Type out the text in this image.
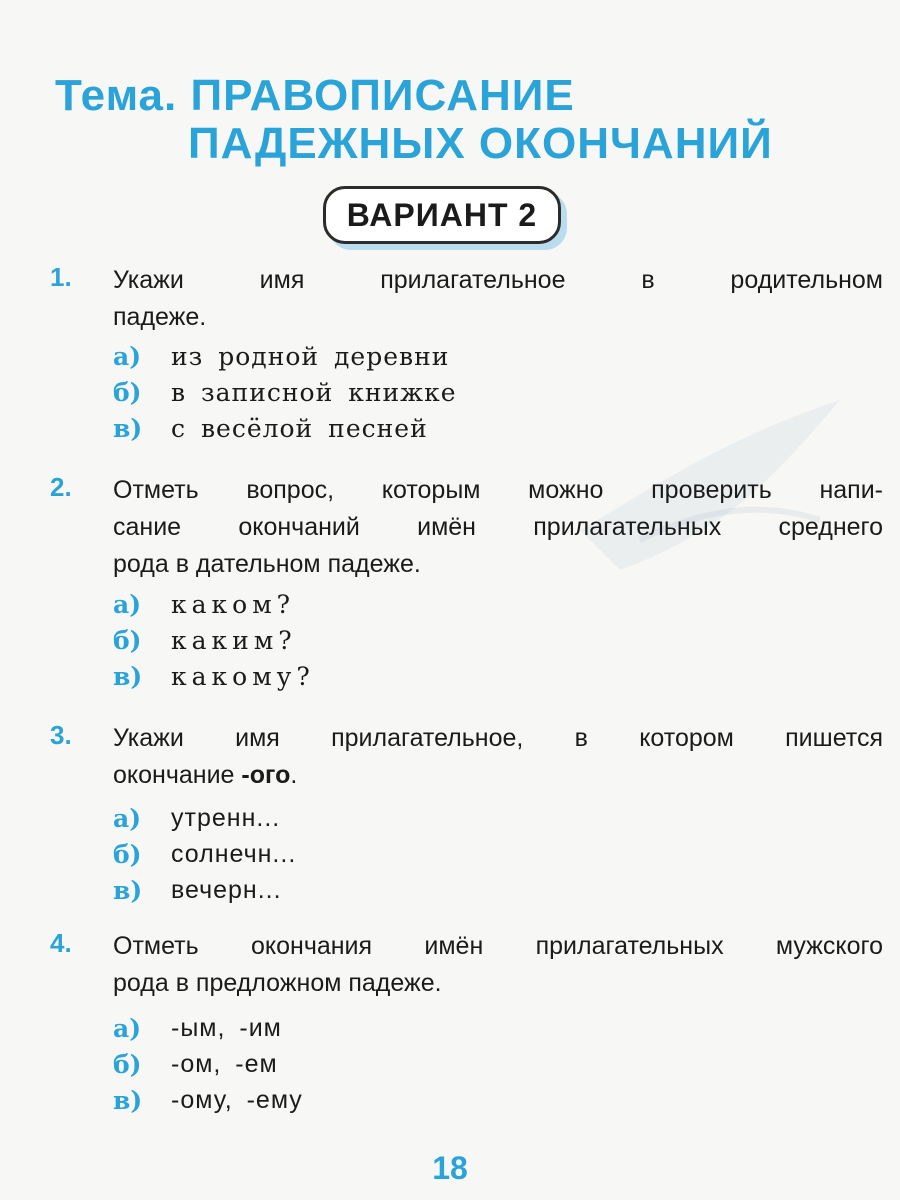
Тема. ПРАВОПИСАНИЕ
ПАДЕЖНЫХ ОКОНЧАНИЙ
ВАРИАНТ 2
1. Укажи имя прилагательное в родительном
падеже.
а) из родной деревни
б) в записной книжке
в) с весёлой песней
2. Отметь вопрос, которым можно проверить напи-
сание окончаний имён прилагательных среднего
рода в дательном падеже.
а) каком?
б) каким?
в) какому?
3. Укажи имя прилагательное, в котором пишется
окончание -ого.
а) утренн...
б) солнечн...
в) вечерн...
4. Отметь окончания имён прилагательных мужского
рода в предложном падеже.
а) -ым, -им
б) -ом, -ем
в) -ому, -ему
18
